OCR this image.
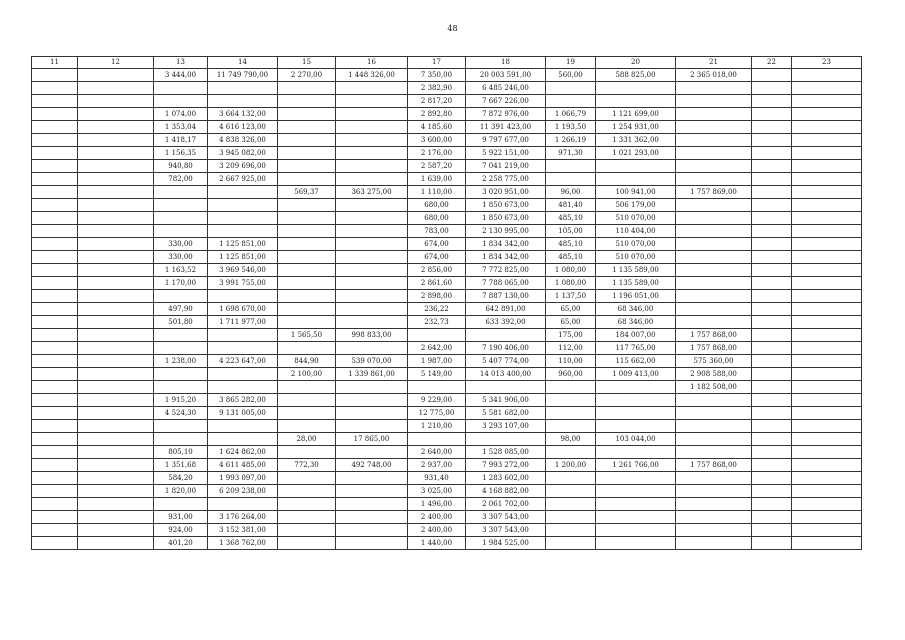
48
11	12	13	14	15	16	17	18	19	20	21	22	23
		3 444,00	11 749 790,00	2 270,00	1 448 326,00	7 350,00	20 003 591,00	560,00	588 825,00	2 365 018,00		
						2 382,90	6 485 246,00					
						2 817,20	7 667 226,00					
		1 074,00	3 664 132,00			2 892,80	7 872 976,00	1 066,79	1 121 699,00			
		1 353,04	4 616 123,00			4 185,60	11 391 423,00	1 193,50	1 254 931,00			
		1 418,17	4 838 326,00			3 600,00	9 797 677,00	1 266,19	1 331 362,00			
		1 156,35	3 945 082,00			2 176,00	5 922 151,00	971,30	1 021 293,00			
		940,80	3 209 696,00			2 587,20	7 041 219,00					
		782,00	2 667 925,00			1 639,00	2 258 775,00					
				569,37	363 275,00	1 110,00	3 020 951,00	96,00	100 941,00	1 757 869,00		
						680,00	1 850 673,00	481,40	506 179,00			
						680,00	1 850 673,00	485,10	510 070,00			
						783,00	2 130 995,00	105,00	110 404,00			
		330,00	1 125 851,00			674,00	1 834 342,00	485,10	510 070,00			
		330,00	1 125 851,00			674,00	1 834 342,00	485,10	510 070,00			
		1 163,52	3 969 546,00			2 856,00	7 772 825,00	1 080,00	1 135 589,00			
		1 170,00	3 991 755,00			2 861,60	7 788 065,00	1 080,00	1 135 589,00			
						2 898,00	7 887 130,00	1 137,50	1 196 051,00			
		497,90	1 698 670,00			236,22	642 891,00	65,00	68 346,00			
		501,80	1 711 977,00			232,73	633 392,00	65,00	68 346,00			
				1 565,50	998 833,00			175,00	184 007,00	1 757 868,00		
						2 642,00	7 190 406,00	112,00	117 765,00	1 757 868,00		
		1 238,00	4 223 647,00	844,90	539 070,00	1 987,00	5 407 774,00	110,00	115 662,00	575 360,00		
				2 100,00	1 339 861,00	5 149,00	14 013 400,00	960,00	1 009 413,00	2 908 588,00		
										1 182 508,00		
		1 915,20	3 865 282,00			9 229,00	5 341 906,00					
		4 524,30	9 131 005,00			12 775,00	5 581 682,00					
						1 210,00	3 293 107,00					
				28,00	17 865,00			98,00	103 044,00			
		805,10	1 624 862,00			2 640,00	1 528 085,00					
		1 351,68	4 611 485,00	772,30	492 748,00	2 937,00	7 993 272,00	1 200,00	1 261 766,00	1 757 868,00		
		584,20	1 993 097,00			931,40	1 283 602,00					
		1 820,00	6 209 238,00			3 025,00	4 168 882,00					
						1 496,00	2 061 702,00					
		931,00	3 176 264,00			2 400,00	3 307 543,00					
		924,00	3 152 381,00			2 400,00	3 307 543,00					
		401,20	1 368 762,00			1 440,00	1 984 525,00					
